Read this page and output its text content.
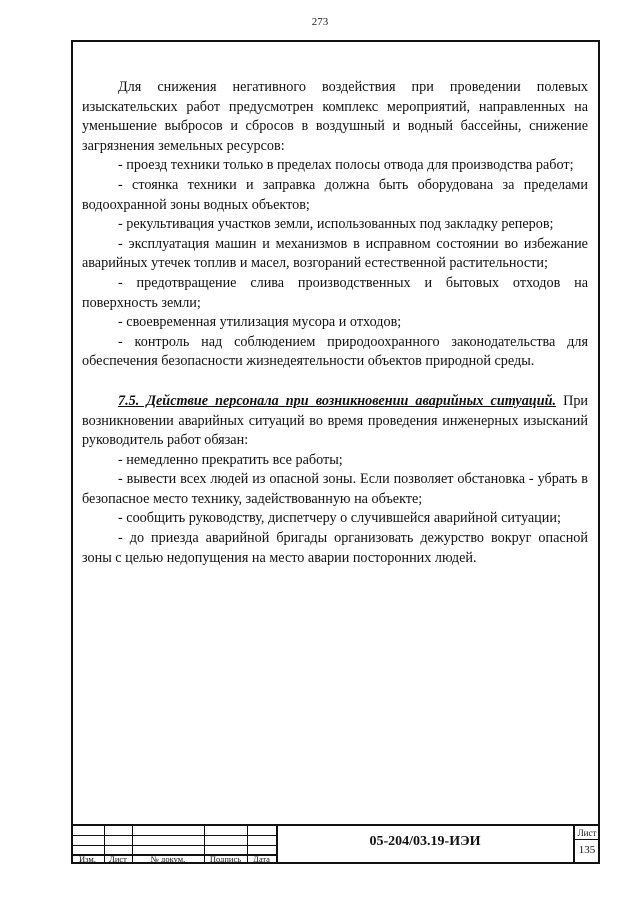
273

Для снижения негативного воздействия при проведении полевых изыскательских работ предусмотрен комплекс мероприятий, направленных на уменьшение выбросов и сбросов в воздушный и водный бассейны, снижение загрязнения земельных ресурсов:

- проезд техники только в пределах полосы отвода для производства работ;

- стоянка техники и заправка должна быть оборудована за пределами водоохранной зоны водных объектов;

- рекультивация участков земли, использованных под закладку реперов;

- эксплуатация машин и механизмов в исправном состоянии во избежание аварийных утечек топлив и масел, возгораний естественной растительности;

- предотвращение слива производственных и бытовых отходов на поверхность земли;

- своевременная утилизация мусора и отходов;

- контроль над соблюдением природоохранного законодательства для обеспечения безопасности жизнедеятельности объектов природной среды.

7.5. Действие персонала при возникновении аварийных ситуаций. При возникновении аварийных ситуаций во время проведения инженерных изысканий руководитель работ обязан:

- немедленно прекратить все работы;

- вывести всех людей из опасной зоны. Если позволяет обстановка - убрать в безопасное место технику, задействованную на объекте;

- сообщить руководству, диспетчеру о случившейся аварийной ситуации;

- до приезда аварийной бригады организовать дежурство вокруг опасной зоны с целью недопущения на место аварии посторонних людей.

Изм.	Лист	№ докум.	Подпись	Дата
05-204/03.19-ИЭИ
Лист
135
